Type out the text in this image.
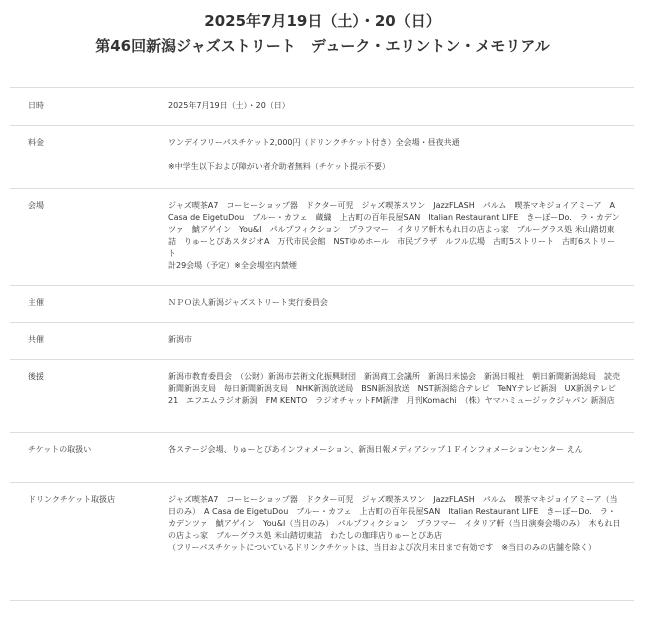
2025年7月19日（土）・20（日）
第46回新潟ジャズストリート　デューク・エリントン・メモリアル
日時	2025年7月19日（土）・20（日）

料金	ワンデイフリーパスチケット2,000円（ドリンクチケット付き）全会場・昼夜共通

※中学生以下および障がい者介助者無料（チケット提示不要）

会場	ジャズ喫茶A7　コーヒーショップ器　ドクター可児　ジャズ喫茶スワン　JazzFLASH　パルム　喫茶マキジョイアミーア　A Casa de EigetuDou　ブルー・カフェ　蔵織　上古町の百年長屋SAN　Italian Restaurant LIFE　きーぼーDo.　ラ・カデンツァ　鯱アゲイン　You&I　パルプフィクション　プラフマー　イタリア軒木もれ日の店よっ家　ブルーグラス処 米山踏切東詰　りゅーとぴあスタジオA　万代市民会館　NSTゆめホール　市民プラザ　ルフル広場　古町5ストリート　古町6ストリート

計29会場（予定）※全会場室内禁煙

主催	ＮＰＯ法人新潟ジャズストリート実行委員会

共催	新潟市

後援	新潟市教育委員会　（公財）新潟市芸術文化振興財団　新潟商工会議所　新潟日米協会　新潟日報社　朝日新聞新潟総局　読売新聞新潟支局　毎日新聞新潟支局　NHK新潟放送局　BSN新潟放送　NST新潟総合テレビ　TeNYテレビ新潟　UX新潟テレビ21　エフエムラジオ新潟　FM KENTO　ラジオチャットFM新津　月刊Komachi　（株）ヤマハミュージックジャパン 新潟店

チケットの取扱い	各ステージ会場、りゅーとぴあインフォメーション、新潟日報メディアシップ１Ｆインフォメーションセンター えん

ドリンクチケット取扱店	ジャズ喫茶A7　コーヒーショップ器　ドクター可児　ジャズ喫茶スワン　JazzFLASH　パルム　喫茶マキジョイアミーア（当日のみ）　A Casa de EigetuDou　ブルー・カフェ　上古町の百年長屋SAN　Italian Restaurant LIFE　きーぼーDo.　ラ・カデンツァ　鯱アゲイン　You&I（当日のみ）　パルプフィクション　プラフマー　イタリア軒（当日演奏会場のみ）　木もれ日の店よっ家　ブルーグラス処 米山踏切東詰　わたしの珈琲店りゅーとぴあ店

（フリーパスチケットについているドリンクチケットは、当日および次月末日まで有効です　※当日のみの店舗を除く）
